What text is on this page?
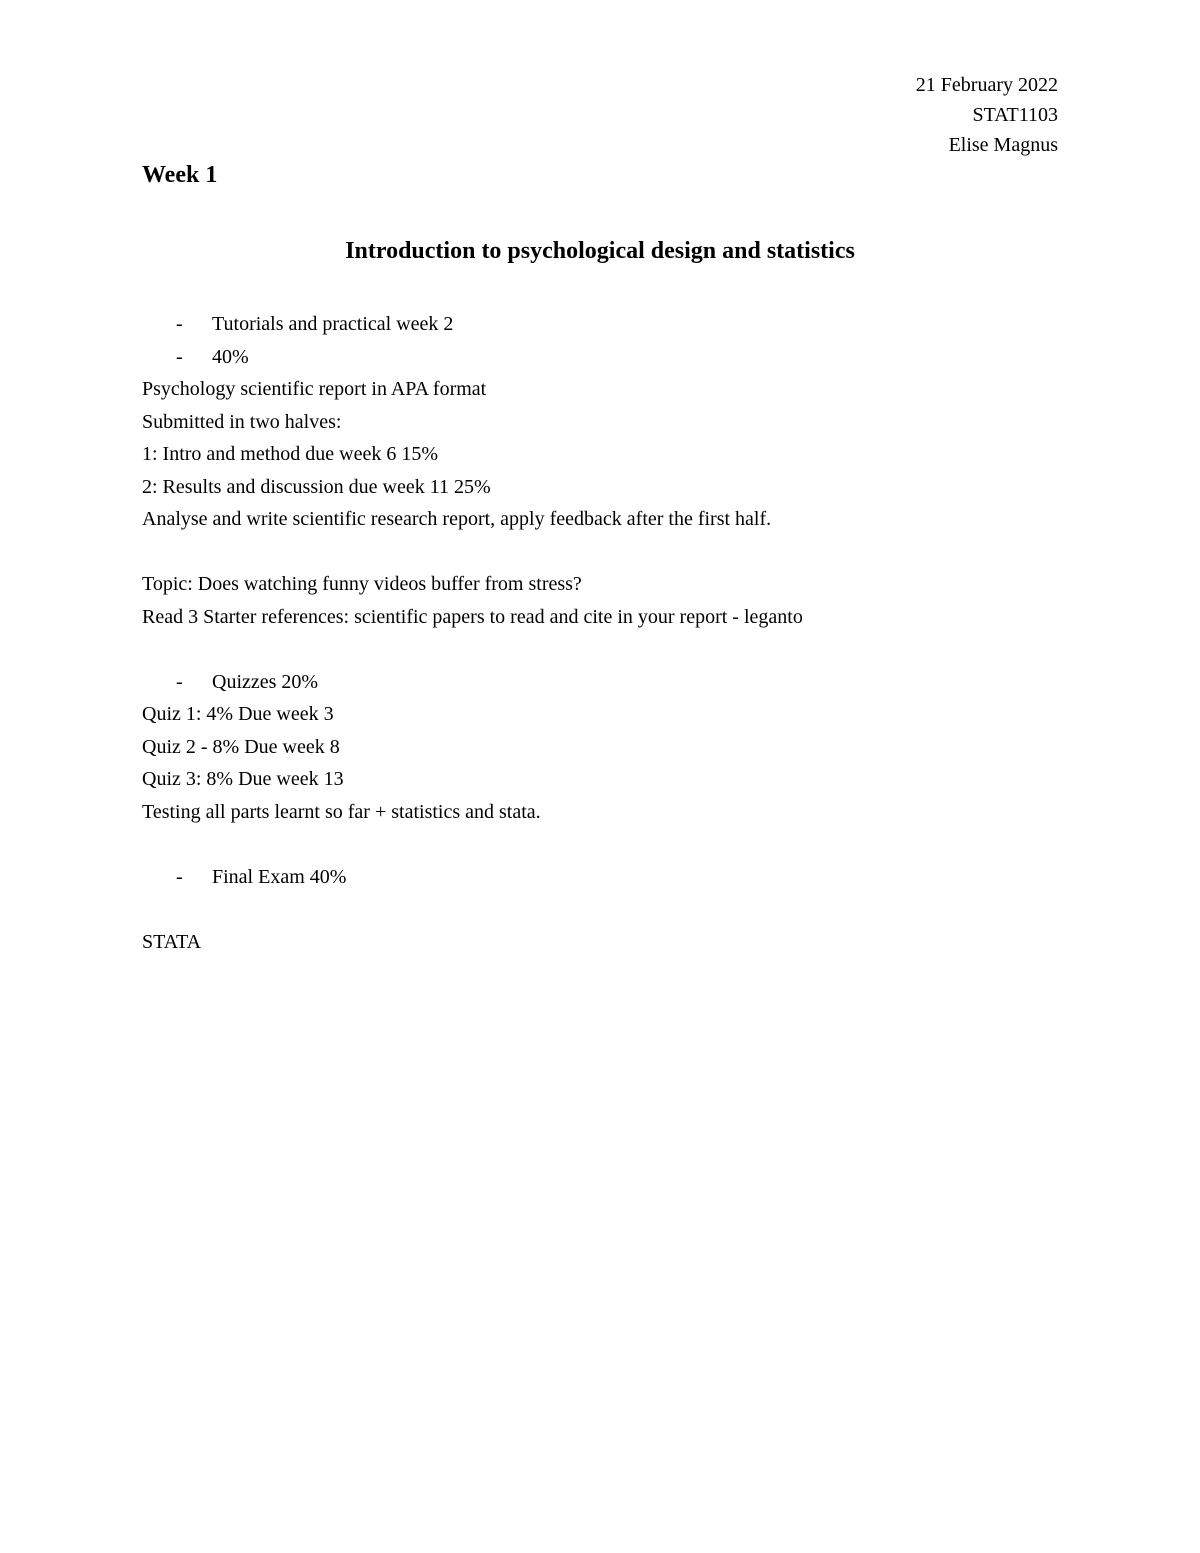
21 February 2022
STAT1103
Elise Magnus
Week 1
Introduction to psychological design and statistics
- Tutorials and practical week 2
- 40%
Psychology scientific report in APA format
Submitted in two halves:
1: Intro and method due week 6 15%
2: Results and discussion due week 11 25%
Analyse and write scientific research report, apply feedback after the first half.
Topic: Does watching funny videos buffer from stress?
Read 3 Starter references: scientific papers to read and cite in your report - leganto
- Quizzes 20%
Quiz 1: 4% Due week 3
Quiz 2 - 8% Due week 8
Quiz 3: 8% Due week 13
Testing all parts learnt so far + statistics and stata.
- Final Exam 40%
STATA
